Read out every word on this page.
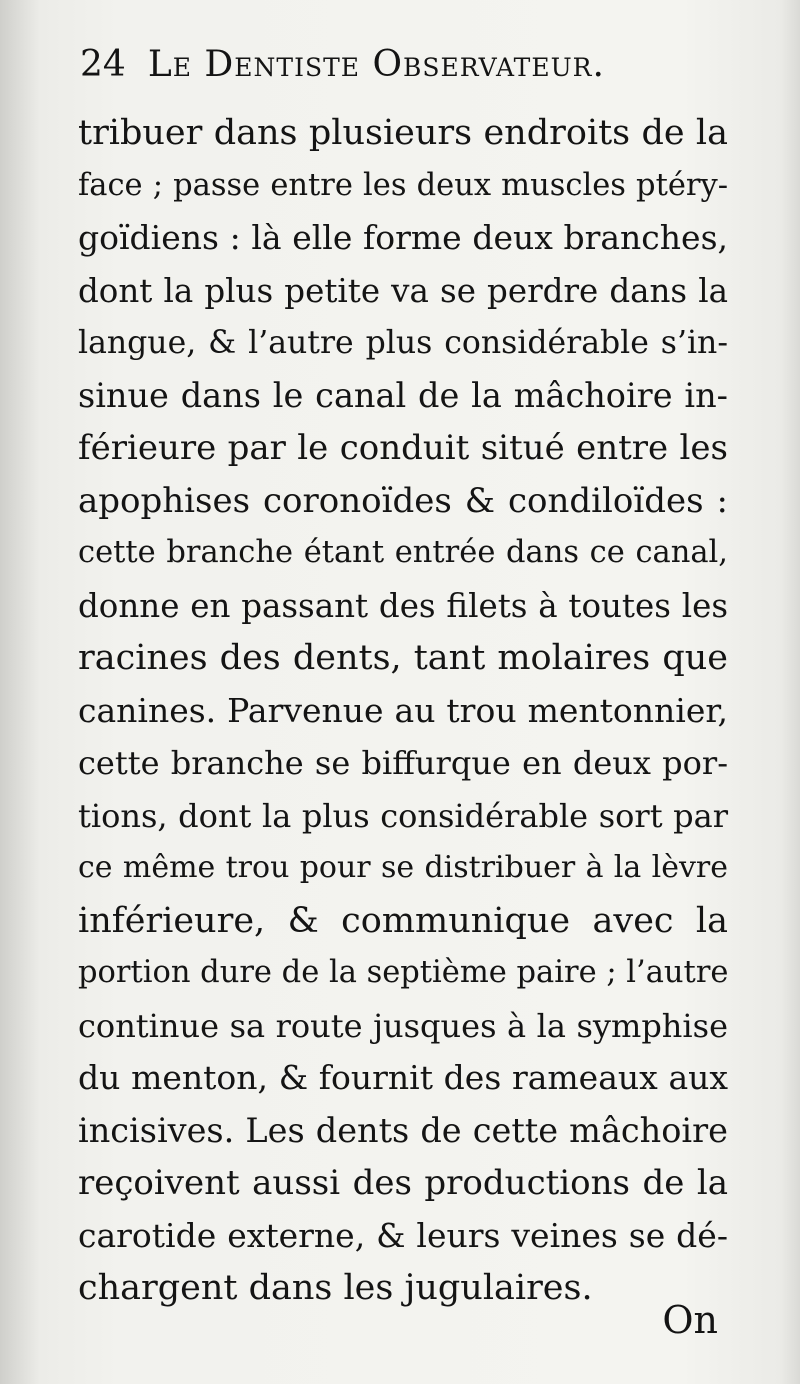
24 Le Dentiste Observateur.
tribuer dans plusieurs endroits de la
face ; passe entre les deux muscles ptéry-
goïdiens : là elle forme deux branches,
dont la plus petite va se perdre dans la
langue, & l’autre plus considérable s’in-
sinue dans le canal de la mâchoire in-
férieure par le conduit situé entre les
apophises coronoïdes & condiloïdes :
cette branche étant entrée dans ce canal,
donne en passant des filets à toutes les
racines des dents, tant molaires que
canines. Parvenue au trou mentonnier,
cette branche se biffurque en deux por-
tions, dont la plus considérable sort par
ce même trou pour se distribuer à la lèvre
inférieure, & communique avec la
portion dure de la septième paire ; l’autre
continue sa route jusques à la symphise
du menton, & fournit des rameaux aux
incisives. Les dents de cette mâchoire
reçoivent aussi des productions de la
carotide externe, & leurs veines se dé-
chargent dans les jugulaires.
On
